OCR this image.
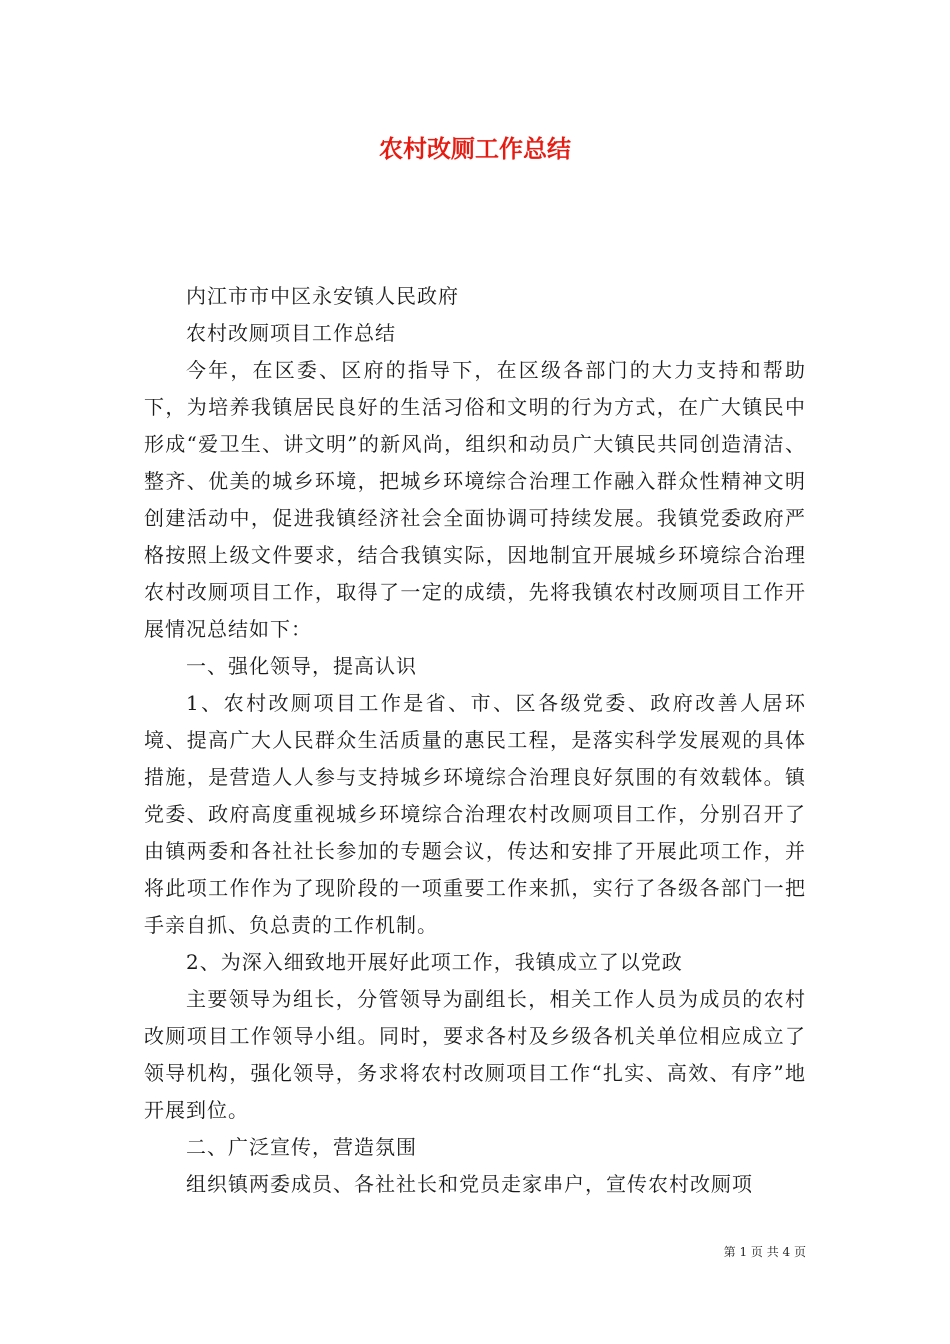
农村改厕工作总结

内江市市中区永安镇人民政府

农村改厕项目工作总结

今年，在区委、区府的指导下，在区级各部门的大力支持和帮助下，为培养我镇居民良好的生活习俗和文明的行为方式，在广大镇民中形成“爱卫生、讲文明”的新风尚，组织和动员广大镇民共同创造清洁、整齐、优美的城乡环境，把城乡环境综合治理工作融入群众性精神文明创建活动中，促进我镇经济社会全面协调可持续发展。我镇党委政府严格按照上级文件要求，结合我镇实际，因地制宜开展城乡环境综合治理农村改厕项目工作，取得了一定的成绩，先将我镇农村改厕项目工作开展情况总结如下：

一、强化领导，提高认识

1、农村改厕项目工作是省、市、区各级党委、政府改善人居环境、提高广大人民群众生活质量的惠民工程，是落实科学发展观的具体措施，是营造人人参与支持城乡环境综合治理良好氛围的有效载体。镇党委、政府高度重视城乡环境综合治理农村改厕项目工作，分别召开了由镇两委和各社社长参加的专题会议，传达和安排了开展此项工作，并将此项工作作为了现阶段的一项重要工作来抓，实行了各级各部门一把手亲自抓、负总责的工作机制。

2、为深入细致地开展好此项工作，我镇成立了以党政

主要领导为组长，分管领导为副组长，相关工作人员为成员的农村改厕项目工作领导小组。同时，要求各村及乡级各机关单位相应成立了领导机构，强化领导，务求将农村改厕项目工作“扎实、高效、有序”地开展到位。

二、广泛宣传，营造氛围

组织镇两委成员、各社社长和党员走家串户，宣传农村改厕项

第 1 页 共 4 页
